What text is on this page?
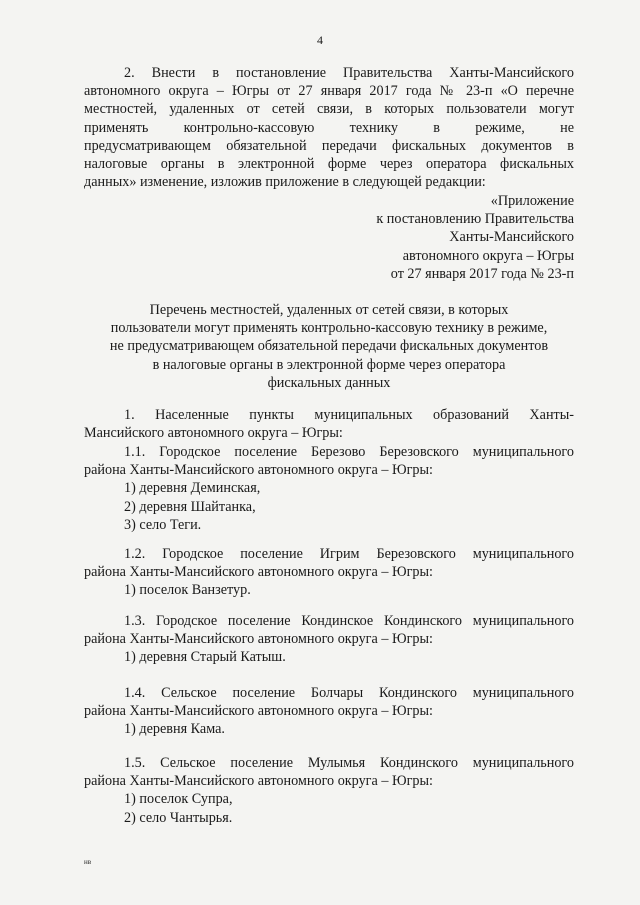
4

2. Внести в постановление Правительства Ханты-Мансийского

автономного округа – Югры от 27 января 2017 года № 23-п «О перечне

местностей, удаленных от сетей связи, в которых пользователи могут

применять контрольно-кассовую технику в режиме, не

предусматривающем обязательной передачи фискальных документов в

налоговые органы в электронной форме через оператора фискальных

данных» изменение, изложив приложение в следующей редакции:

«Приложение

к постановлению Правительства

Ханты-Мансийского

автономного округа – Югры

от 27 января 2017 года № 23-п

Перечень местностей, удаленных от сетей связи, в которых

пользователи могут применять контрольно-кассовую технику в режиме,

не предусматривающем обязательной передачи фискальных документов

в налоговые органы в электронной форме через оператора

фискальных данных

1. Населенные пункты муниципальных образований Ханты-

Мансийского автономного округа – Югры:

1.1. Городское поселение Березово Березовского муниципального

района Ханты-Мансийского автономного округа – Югры:

1) деревня Деминская,

2) деревня Шайтанка,

3) село Теги.

1.2. Городское поселение Игрим Березовского муниципального

района Ханты-Мансийского автономного округа – Югры:

1) поселок Ванзетур.

1.3. Городское поселение Кондинское Кондинского муниципального

района Ханты-Мансийского автономного округа – Югры:

1) деревня Старый Катыш.

1.4. Сельское поселение Болчары Кондинского муниципального

района Ханты-Мансийского автономного округа – Югры:

1) деревня Кама.

1.5. Сельское поселение Мулымья Кондинского муниципального

района Ханты-Мансийского автономного округа – Югры:

1) поселок Супра,

2) село Чантырья.

нв
